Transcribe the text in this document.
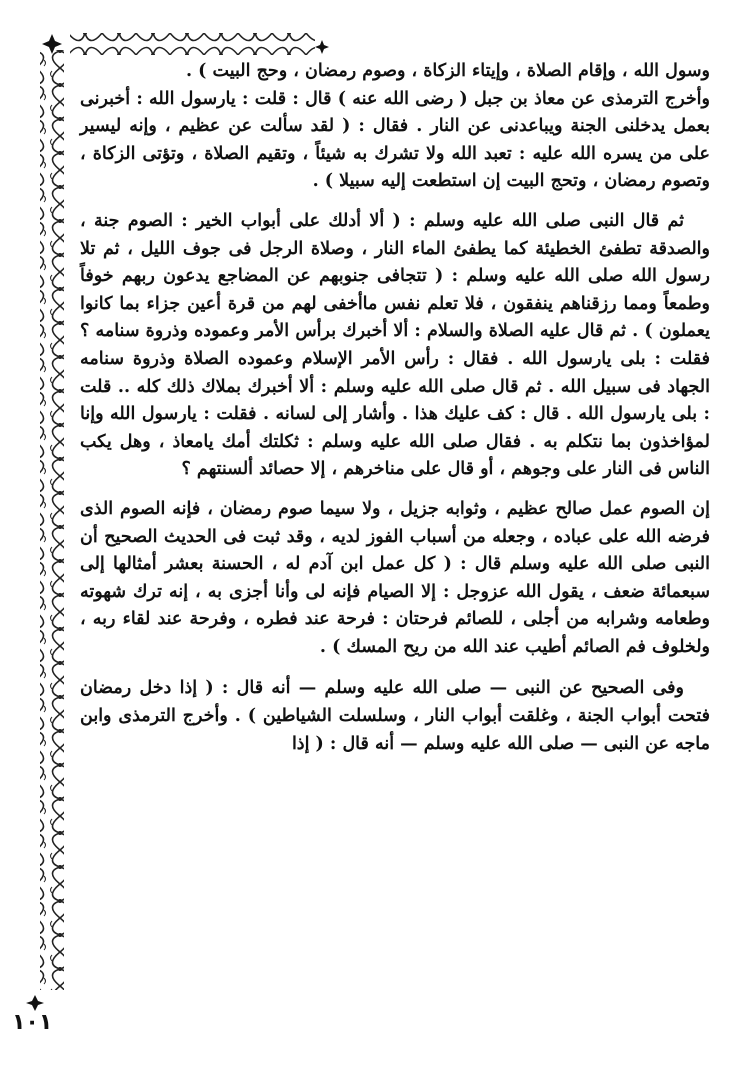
وسول الله ، وإقام الصلاة ، وإيتاء الزكاة ، وصوم رمضان ، وحج البيت ) .

وأخرج الترمذى عن معاذ بن جبل ( رضى الله عنه ) قال : قلت : يارسول الله : أخبرنى بعمل يدخلنى الجنة ويباعدنى عن النار . فقال : ( لقد سألت عن عظيم ، وإنه ليسير على من يسره الله عليه : تعبد الله ولا تشرك به شيئاً ، وتقيم الصلاة ، وتؤتى الزكاة ، وتصوم رمضان ، وتحج البيت إن استطعت إليه سبيلا ) .

ثم قال النبى صلى الله عليه وسلم : ( ألا أدلك على أبواب الخير : الصوم جنة ، والصدقة تطفئ الخطيئة كما يطفئ الماء النار ، وصلاة الرجل فى جوف الليل ، ثم تلا رسول الله صلى الله عليه وسلم : ( تتجافى جنوبهم عن المضاجع يدعون ربهم خوفاً وطمعاً ومما رزقناهم ينفقون ، فلا تعلم نفس ماأخفى لهم من قرة أعين جزاء بما كانوا يعملون ) . ثم قال عليه الصلاة والسلام : ألا أخبرك برأس الأمر وعموده وذروة سنامه ؟ فقلت : بلى يارسول الله . فقال : رأس الأمر الإسلام وعموده الصلاة وذروة سنامه الجهاد فى سبيل الله . ثم قال صلى الله عليه وسلم : ألا أخبرك بملاك ذلك كله .. قلت : بلى يارسول الله . قال : كف عليك هذا . وأشار إلى لسانه . فقلت : يارسول الله وإنا لمؤاخذون بما نتكلم به . فقال صلى الله عليه وسلم : ثكلتك أمك يامعاذ ، وهل يكب الناس فى النار على وجوهم ، أو قال على مناخرهم ، إلا حصائد ألسنتهم ؟

إن الصوم عمل صالح عظيم ، وثوابه جزيل ، ولا سيما صوم رمضان ، فإنه الصوم الذى فرضه الله على عباده ، وجعله من أسباب الفوز لديه ، وقد ثبت فى الحديث الصحيح أن النبى صلى الله عليه وسلم قال : ( كل عمل ابن آدم له ، الحسنة بعشر أمثالها إلى سبعمائة ضعف ، يقول الله عزوجل : إلا الصيام فإنه لى وأنا أجزى به ، إنه ترك شهوته وطعامه وشرابه من أجلى ، للصائم فرحتان : فرحة عند فطره ، وفرحة عند لقاء ربه ، ولخلوف فم الصائم أطيب عند الله من ريح المسك ) .

وفى الصحيح عن النبى — صلى الله عليه وسلم — أنه قال : ( إذا دخل رمضان فتحت أبواب الجنة ، وغلقت أبواب النار ، وسلسلت الشياطين ) . وأخرج الترمذى وابن ماجه عن النبى — صلى الله عليه وسلم — أنه قال : ( إذا

١٠١
